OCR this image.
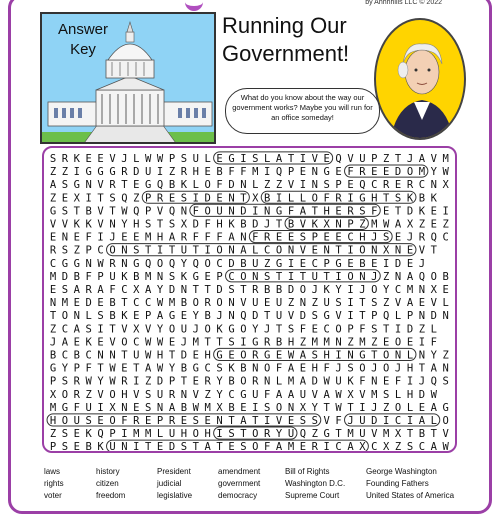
by Ahhhhills LLC © 2022
Answer Key
Running Our Government!
What do you know about the way our government works? Maybe you will run for an office someday!
S R K E E V J L W W P S U L E G I S L A T I V E Q V U P Z T J A V M
Z Z I G G G R D U I Z R H E B F F M I Q P E N G E F R E E D O M Y W
A S G N V R T E G Q B K L O F D N L Z Z V I N S P E Q C R E R C N X
Z E X I T S Q Z P R E S I D E N T X B I L L O F R I G H T S K B K
G S T B V T W Q P V Q N F O U N D I N G F A T H E R S F E T D K E I
V V K K V N Y H S T S X D F H K B D J T B V K X N P Z M W A X Z E Z
E N E F I J E E M H A R F F F A N F R E E S P E E C H J S E J R Q C
R S Z P C O N S T I T U T I O N A L C O N V E N T I O N X N E V T
C G G N W R N G Q O Q Y Q O C D B U Z G I E C P G E B E I D E J
M D B F P U K B M N S K G E P C O N S T I T U T I O N J Z N A Q O B
E S A R A F C X A Y D N T T D S T R B B D O J K Y I J O Y C M N X E
N M E D E B T C C W M B O R O N V U E U Z N Z U S I T S Z V A E V L
T O N L S B K E P A G E Y B J N Q D T U V D S G V I T P Q L P N D N
Z C A S I T V X V Y O U J O K G O Y J T S F E C O P F S T I D Z L
J A E K E V O C W W E J M T T S I G R B H Z M M N Z M Z E O E I F
B C B C N N T U W H T D E H G E O R G E W A S H I N G T O N L N Y Z
G Y P F T W E T A W Y B G C S K B N O F A E H F J S O J O J H T A N
P S R W Y W R I Z D P T E R Y B O R N L M A D W U K F N E F I J Q S
X O R Z V O H V S U R N V Z Y C G U F A A U V A W X V M S L H D W
M G F U I X N E S N A B W M X B E I S O N X Y T W T I J Z O L E A G
H O U S E O F R E P R E S E N T A T I V E S S V F J U D I C I A L O
Z S E K Q P I M M L U H O H I S T O R Y U Q Z G T M U V M X T B T V
P S E B K U N I T E D S T A T E S O F A M E R I C A X C X Z S C A W
laws
rights
voter
history
citizen
freedom
President
judicial
legislative
amendment
government
democracy
Bill of Rights
Washington D.C.
Supreme Court
George Washington
Founding Fathers
United States of America
